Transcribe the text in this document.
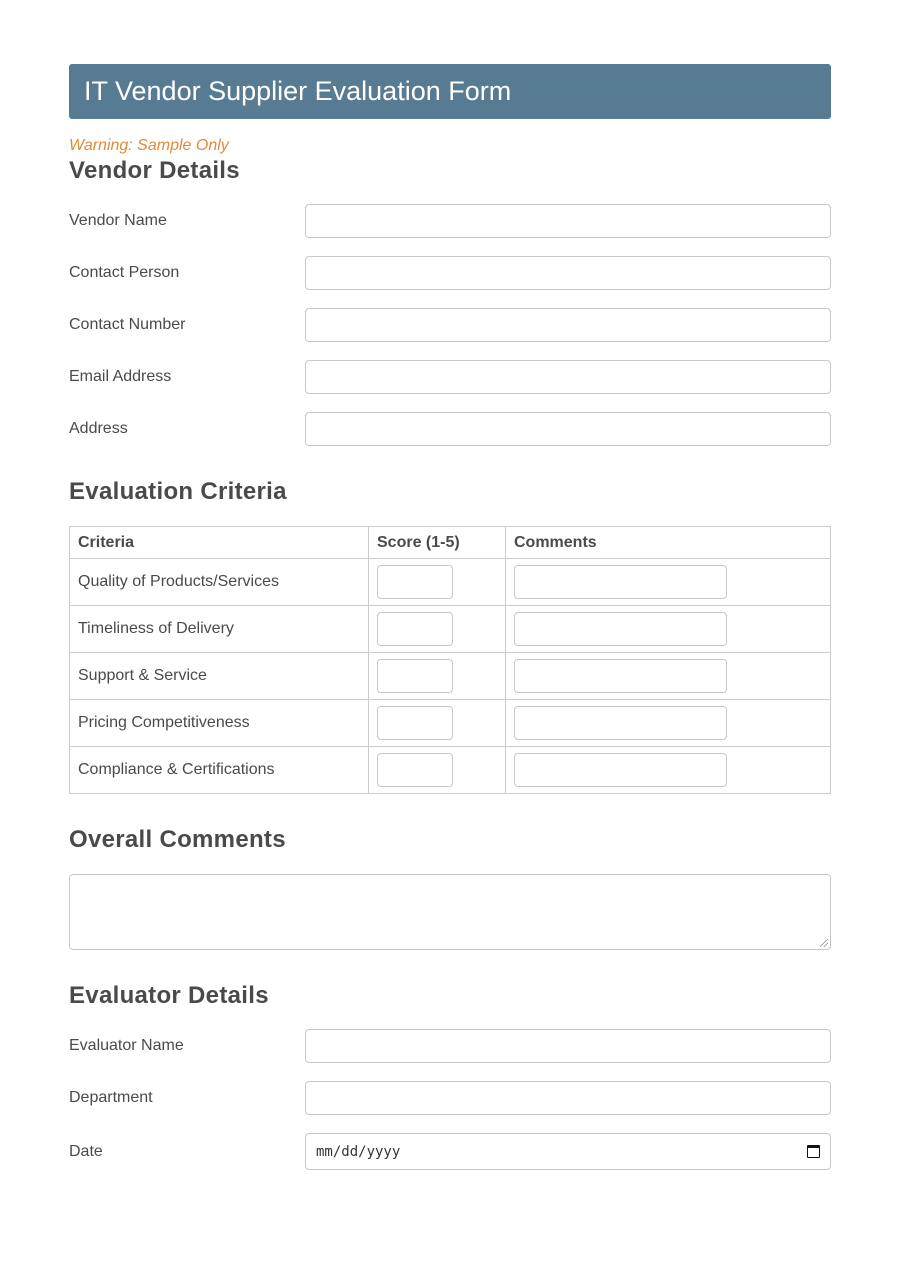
IT Vendor Supplier Evaluation Form
Warning: Sample Only
Vendor Details
Vendor Name
Contact Person
Contact Number
Email Address
Address
Evaluation Criteria
Criteria	Score (1-5)	Comments
Quality of Products/Services	

Timeliness of Delivery	

Support & Service	

Pricing Competitiveness	

Compliance & Certifications	

Overall Comments
Evaluator Details
Evaluator Name
Department
Date	mm/dd/yyyy
